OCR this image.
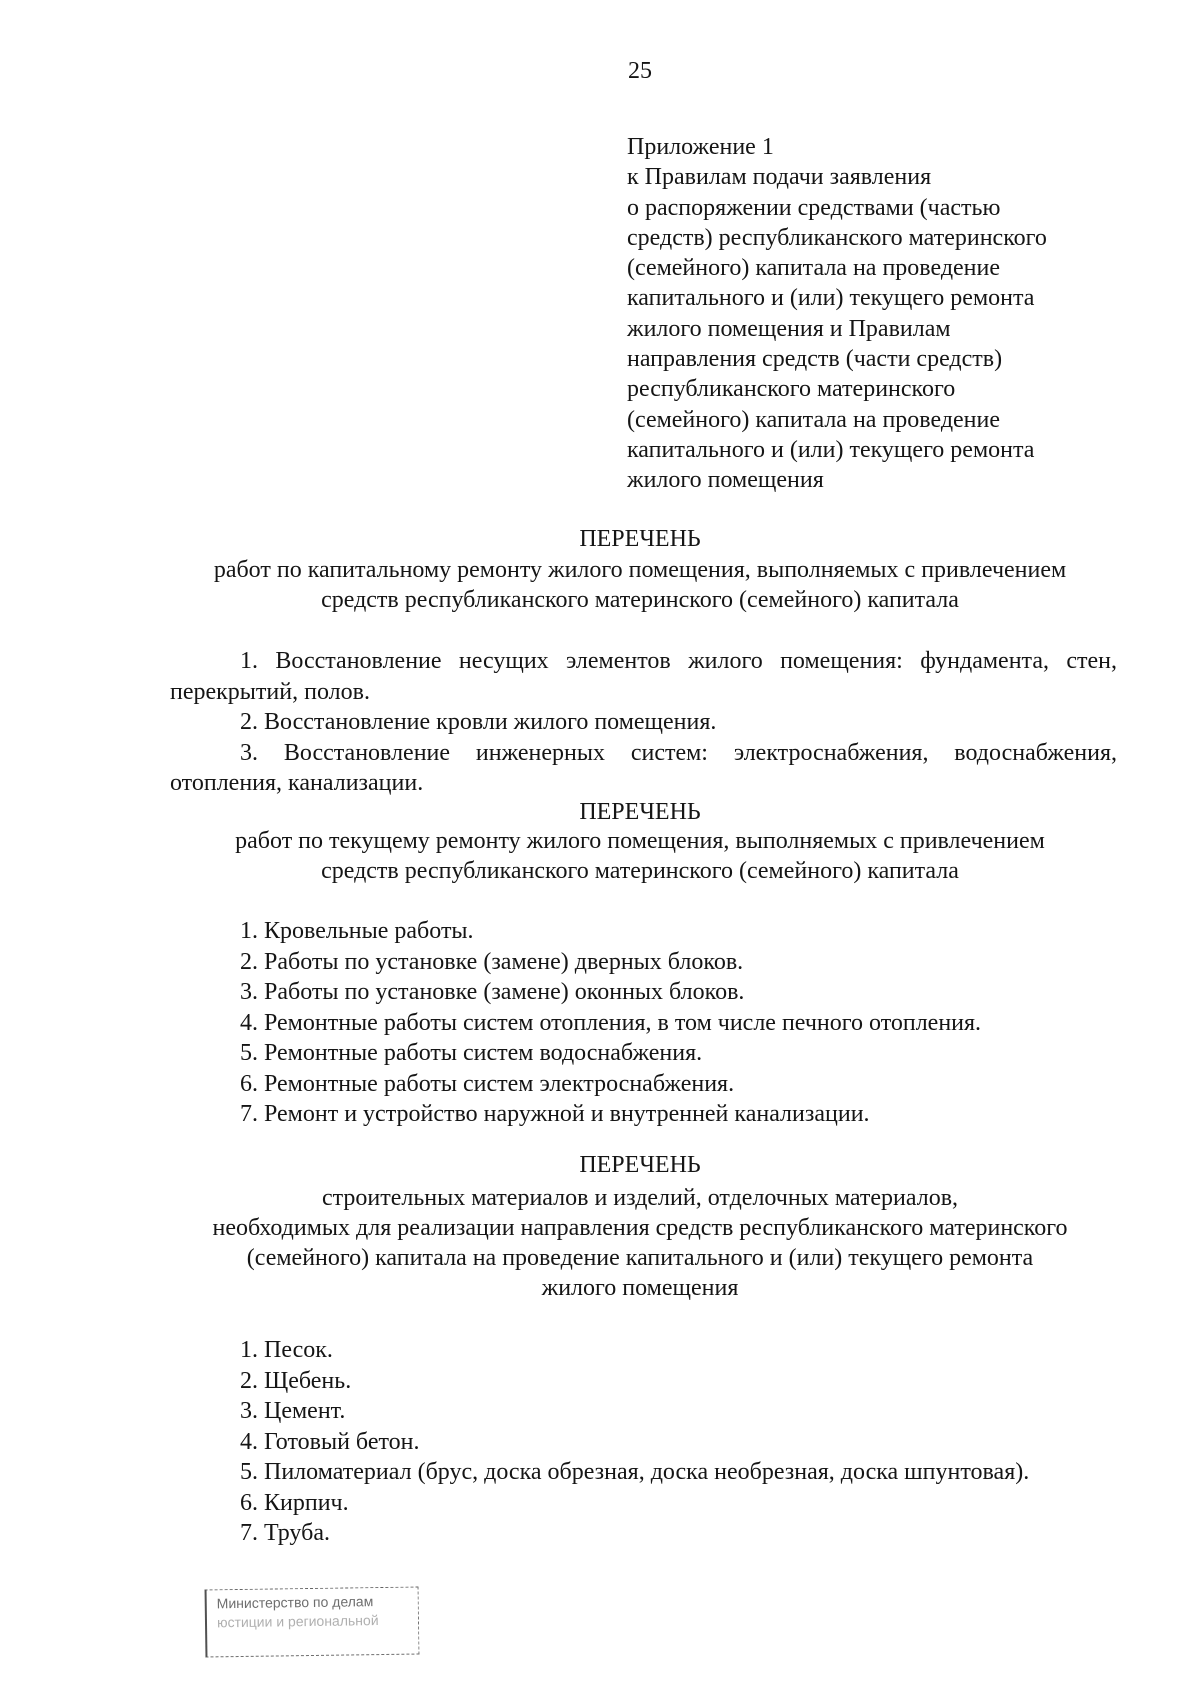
25
Приложение 1
к Правилам подачи заявления
о распоряжении средствами (частью
средств) республиканского материнского
(семейного) капитала на проведение
капитального и (или) текущего ремонта
жилого помещения и Правилам
направления средств (части средств)
республиканского материнского
(семейного) капитала на проведение
капитального и (или) текущего ремонта
жилого помещения
ПЕРЕЧЕНЬ
работ по капитальному ремонту жилого помещения, выполняемых с привлечением
средств республиканского материнского (семейного) капитала

1. Восстановление несущих элементов жилого помещения: фундамента, стен, перекрытий, полов.

2. Восстановление кровли жилого помещения.

3. Восстановление инженерных систем: электроснабжения, водоснабжения, отопления, канализации.

ПЕРЕЧЕНЬ
работ по текущему ремонту жилого помещения, выполняемых с привлечением
средств республиканского материнского (семейного) капитала
1. Кровельные работы.
2. Работы по установке (замене) дверных блоков.
3. Работы по установке (замене) оконных блоков.
4. Ремонтные работы систем отопления, в том числе печного отопления.
5. Ремонтные работы систем водоснабжения.
6. Ремонтные работы систем электроснабжения.
7. Ремонт и устройство наружной и внутренней канализации.
ПЕРЕЧЕНЬ
строительных материалов и изделий, отделочных материалов,
необходимых для реализации направления средств республиканского материнского
(семейного) капитала на проведение капитального и (или) текущего ремонта
жилого помещения
1. Песок.
2. Щебень.
3. Цемент.
4. Готовый бетон.
5. Пиломатериал (брус, доска обрезная, доска необрезная, доска шпунтовая).
6. Кирпич.
7. Труба.
Министерство по делам
юстиции и региональной
